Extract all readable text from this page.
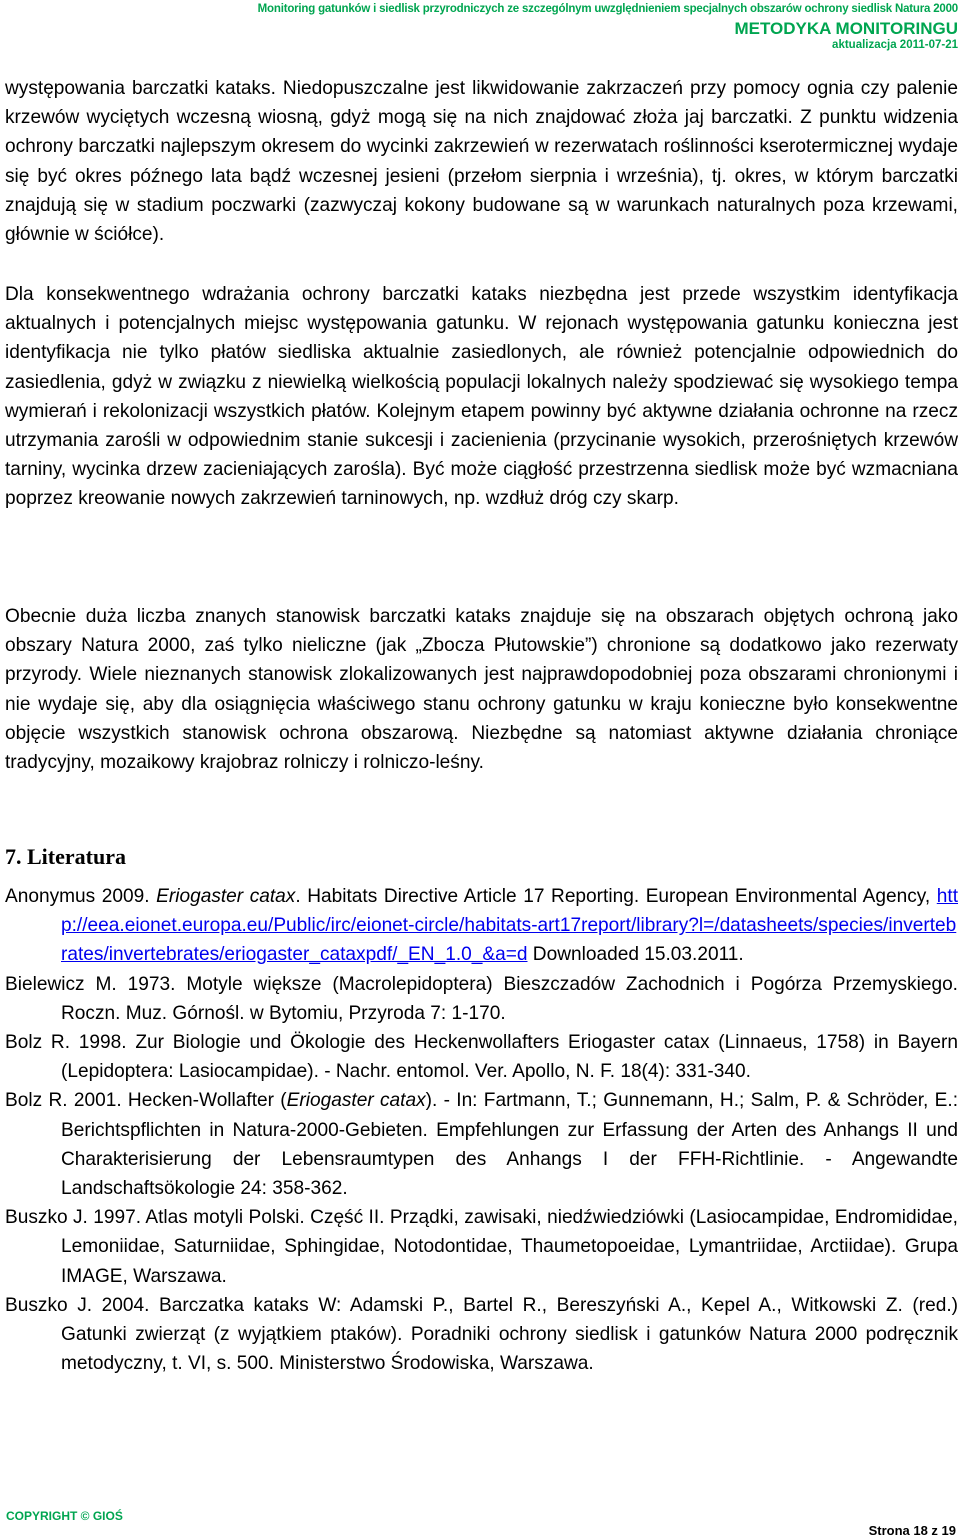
Monitoring gatunków i siedlisk przyrodniczych ze szczególnym uwzględnieniem specjalnych obszarów ochrony siedlisk Natura 2000
METODYKA MONITORINGU
aktualizacja 2011-07-21

występowania barczatki kataks. Niedopuszczalne jest likwidowanie zakrzaczeń przy pomocy ognia czy palenie krzewów wyciętych wczesną wiosną, gdyż mogą się na nich znajdować złoża jaj barczatki. Z punktu widzenia ochrony barczatki najlepszym okresem do wycinki zakrzewień w rezerwatach roślinności kserotermicznej wydaje się być okres późnego lata bądź wczesnej jesieni (przełom sierpnia i września), tj. okres, w którym barczatki znajdują się w stadium poczwarki (zazwyczaj kokony budowane są w warunkach naturalnych poza krzewami, głównie w ściółce).

Dla konsekwentnego wdrażania ochrony barczatki kataks niezbędna jest przede wszystkim identyfikacja aktualnych i potencjalnych miejsc występowania gatunku. W rejonach występowania gatunku konieczna jest identyfikacja nie tylko płatów siedliska aktualnie zasiedlonych, ale również potencjalnie odpowiednich do zasiedlenia, gdyż w związku z niewielką wielkością populacji lokalnych należy spodziewać się wysokiego tempa wymierań i rekolonizacji wszystkich płatów. Kolejnym etapem powinny być aktywne działania ochronne na rzecz utrzymania zarośli w odpowiednim stanie sukcesji i zacienienia (przycinanie wysokich, przerośniętych krzewów tarniny, wycinka drzew zacieniających zarośla). Być może ciągłość przestrzenna siedlisk może być wzmacniana poprzez kreowanie nowych zakrzewień tarninowych, np. wzdłuż dróg czy skarp.

Obecnie duża liczba znanych stanowisk barczatki kataks znajduje się na obszarach objętych ochroną jako obszary Natura 2000, zaś tylko nieliczne (jak „Zbocza Płutowskie”) chronione są dodatkowo jako rezerwaty przyrody. Wiele nieznanych stanowisk zlokalizowanych jest najprawdopodobniej poza obszarami chronionymi i nie wydaje się, aby dla osiągnięcia właściwego stanu ochrony gatunku w kraju konieczne było konsekwentne objęcie wszystkich stanowisk ochrona obszarową. Niezbędne są natomiast aktywne działania chroniące tradycyjny, mozaikowy krajobraz rolniczy i rolniczo-leśny.

7. Literatura

Anonymus 2009. Eriogaster catax. Habitats Directive Article 17 Reporting. European Environmental Agency, http://eea.eionet.europa.eu/Public/irc/eionet-circle/habitats-art17report/library?l=/datasheets/species/invertebrates/invertebrates/eriogaster_cataxpdf/_EN_1.0_&a=d Downloaded 15.03.2011.

Bielewicz M. 1973. Motyle większe (Macrolepidoptera) Bieszczadów Zachodnich i Pogórza Przemyskiego. Roczn. Muz. Górnośl. w Bytomiu, Przyroda 7: 1-170.

Bolz R. 1998. Zur Biologie und Ökologie des Heckenwollafters Eriogaster catax (Linnaeus, 1758) in Bayern (Lepidoptera: Lasiocampidae). - Nachr. entomol. Ver. Apollo, N. F. 18(4): 331-340.

Bolz R. 2001. Hecken-Wollafter (Eriogaster catax). - In: Fartmann, T.; Gunnemann, H.; Salm, P. & Schröder, E.: Berichtspflichten in Natura-2000-Gebieten. Empfehlungen zur Erfassung der Arten des Anhangs II und Charakterisierung der Lebensraumtypen des Anhangs I der FFH-Richtlinie. - Angewandte Landschaftsökologie 24: 358-362.

Buszko J. 1997. Atlas motyli Polski. Część II. Prządki, zawisaki, niedźwiedziówki (Lasiocampidae, Endromididae, Lemoniidae, Saturniidae, Sphingidae, Notodontidae, Thaumetopoeidae, Lymantriidae, Arctiidae). Grupa IMAGE, Warszawa.

Buszko J. 2004. Barczatka kataks W: Adamski P., Bartel R., Bereszyński A., Kepel A., Witkowski Z. (red.) Gatunki zwierząt (z wyjątkiem ptaków). Poradniki ochrony siedlisk i gatunków Natura 2000 podręcznik metodyczny, t. VI, s. 500. Ministerstwo Środowiska, Warszawa.

COPYRIGHT © GIOŚ
Strona 18 z 19
